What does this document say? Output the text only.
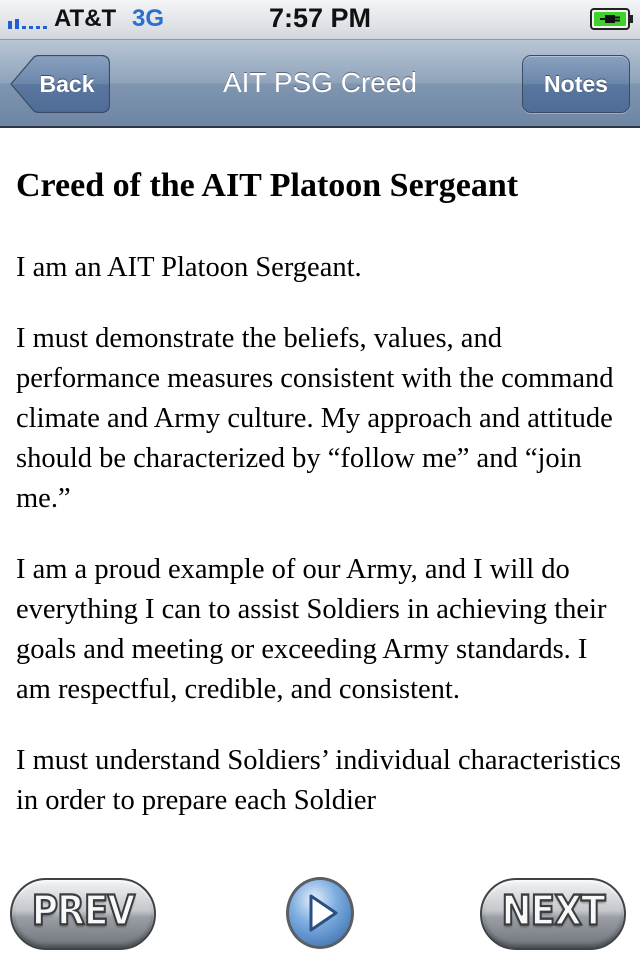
AT&T 3G	7:57 PM
Back	AIT PSG Creed	Notes
Creed of the AIT Platoon Sergeant

I am an AIT Platoon Sergeant.

I must demonstrate the beliefs, values, and performance measures consistent with the command climate and Army culture. My approach and attitude should be characterized by “follow me” and “join me.”

I am a proud example of our Army, and I will do everything I can to assist Soldiers in achieving their goals and meeting or exceeding Army standards. I am respectful, credible, and consistent.

I must understand Soldiers’ individual characteristics in order to prepare each Soldier

PREV	NEXT
